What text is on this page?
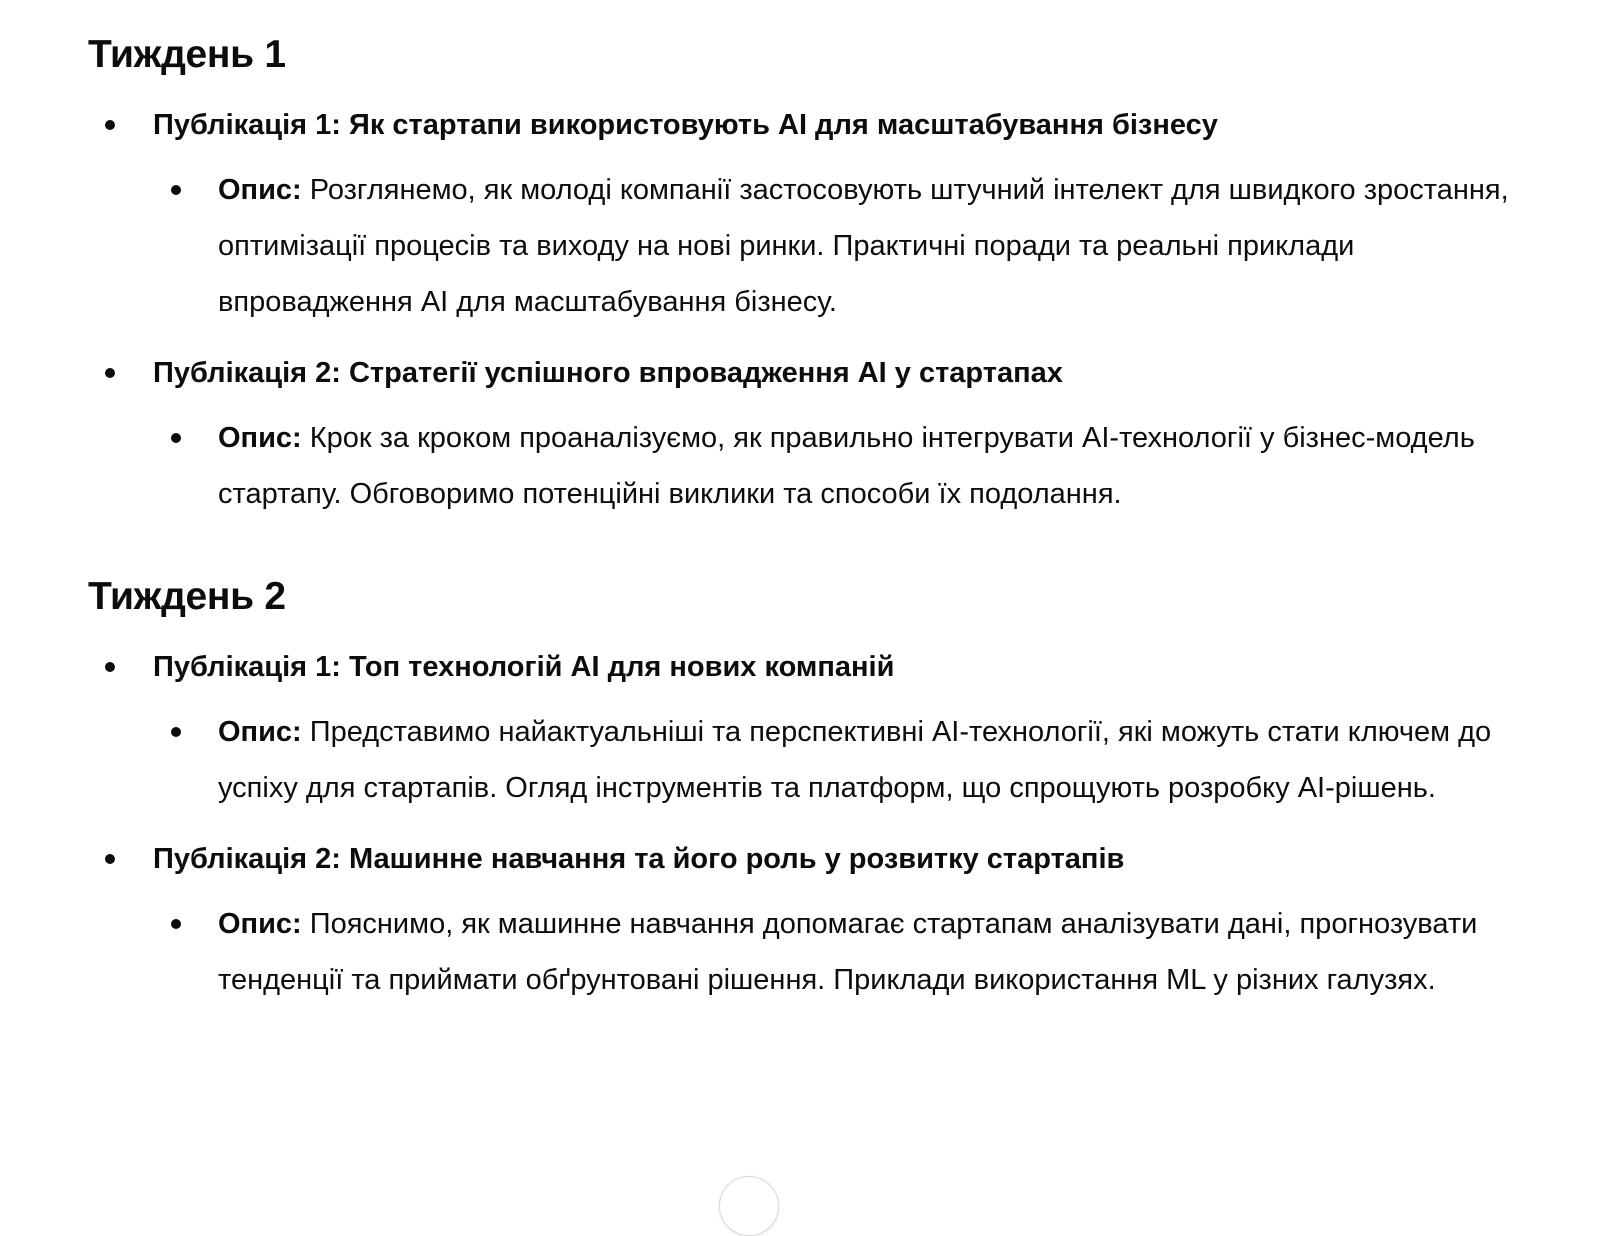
Тиждень 1
Публікація 1: Як стартапи використовують AI для масштабування бізнесу
Опис: Розглянемо, як молоді компанії застосовують штучний інтелект для швидкого зростання, оптимізації процесів та виходу на нові ринки. Практичні поради та реальні приклади впровадження AI для масштабування бізнесу.
Публікація 2: Стратегії успішного впровадження AI у стартапах
Опис: Крок за кроком проаналізуємо, як правильно інтегрувати AI-технології у бізнес-модель стартапу. Обговоримо потенційні виклики та способи їх подолання.
Тиждень 2
Публікація 1: Топ технологій AI для нових компаній
Опис: Представимо найактуальніші та перспективні AI-технології, які можуть стати ключем до успіху для стартапів. Огляд інструментів та платформ, що спрощують розробку AI-рішень.
Публікація 2: Машинне навчання та його роль у розвитку стартапів
Опис: Пояснимо, як машинне навчання допомагає стартапам аналізувати дані, прогнозувати тенденції та приймати обґрунтовані рішення. Приклади використання ML у різних галузях.
